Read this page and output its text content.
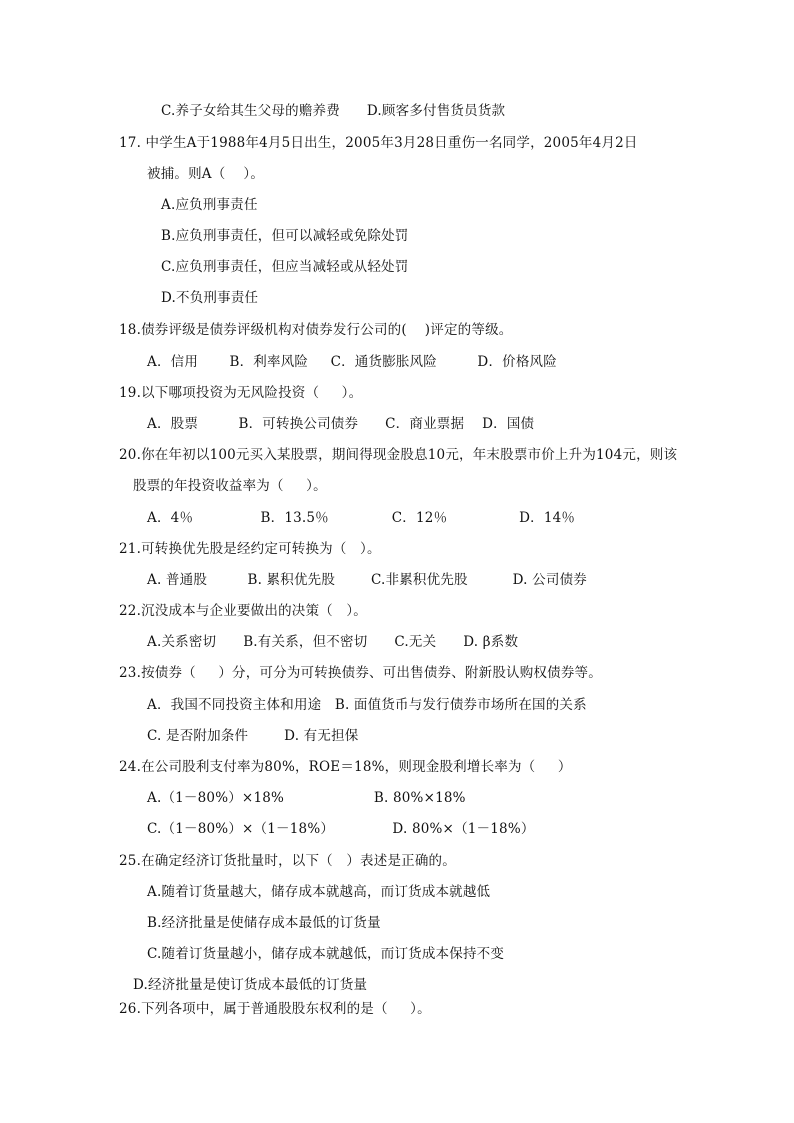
C.养子女给其生父母的赡养费      D.顾客多付售货员货款
17. 中学生A于1988年4月5日出生，2005年3月28日重伤一名同学，2005年4月2日
被捕。则A（    ）。
A.应负刑事责任
B.应负刑事责任，但可以减轻或免除处罚
C.应负刑事责任，但应当减轻或从轻处罚
D.不负刑事责任
18.债券评级是债券评级机构对债券发行公司的(    )评定的等级。
A．信用       B．利率风险     C．通货膨胀风险         D．价格风险
19.以下哪项投资为无风险投资（     ）。
A．股票         B．可转换公司债券      C．商业票据    D．国债
20.你在年初以100元买入某股票，期间得现金股息10元，年末股票市价上升为104元，则该
股票的年投资收益率为（     ）。
A．4％               B．13.5％              C．12％                D．14％
21.可转换优先股是经约定可转换为（   ）。
A. 普通股         B. 累积优先股        C.非累积优先股          D. 公司债券
22.沉没成本与企业要做出的决策（   ）。
A.关系密切      B.有关系，但不密切      C.无关      D. β系数
23.按债券（     ）分，可分为可转换债券、可出售债券、附新股认购权债券等。
A．我国不同投资主体和用途   B. 面值货币与发行债券市场所在国的关系
C. 是否附加条件        D. 有无担保
24.在公司股利支付率为80%，ROE＝18%，则现金股利增长率为（     ）
A.（1－80%）×18%                    B. 80%×18%
C.（1－80%）×（1－18%）             D. 80%×（1－18%）
25.在确定经济订货批量时，以下（   ）表述是正确的。
A.随着订货量越大，储存成本就越高，而订货成本就越低
B.经济批量是使储存成本最低的订货量
C.随着订货量越小，储存成本就越低，而订货成本保持不变
D.经济批量是使订货成本最低的订货量
26.下列各项中，属于普通股股东权利的是（     ）。
